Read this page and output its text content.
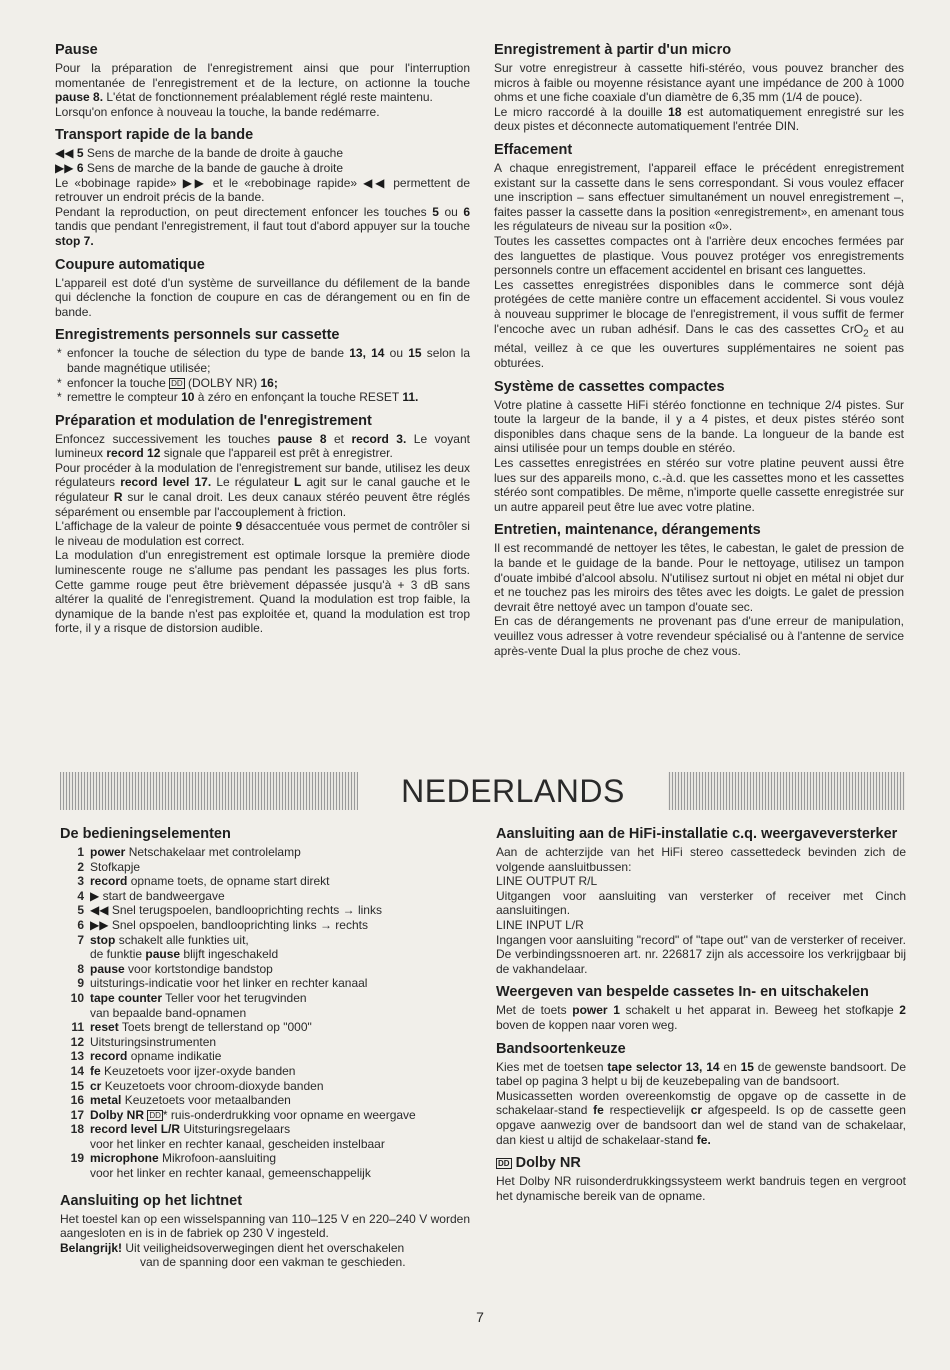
Pause

Pour la préparation de l'enregistrement ainsi que pour l'interruption momentanée de l'enregistrement et de la lecture, on actionne la touche pause 8. L'état de fonctionnement préalablement réglé reste maintenu.

Lorsqu'on enfonce à nouveau la touche, la bande redémarre.

Transport rapide de la bande

◀◀ 5 Sens de marche de la bande de droite à gauche

▶▶ 6 Sens de marche de la bande de gauche à droite

Le «bobinage rapide» ▶▶ et le «rebobinage rapide» ◀◀ permettent de retrouver un endroit précis de la bande.

Pendant la reproduction, on peut directement enfoncer les touches 5 ou 6 tandis que pendant l'enregistrement, il faut tout d'abord appuyer sur la touche stop 7.

Coupure automatique

L'appareil est doté d'un système de surveillance du défilement de la bande qui déclenche la fonction de coupure en cas de dérangement ou en fin de bande.

Enregistrements personnels sur cassette

* enfoncer la touche de sélection du type de bande 13, 14 ou 15 selon la bande magnétique utilisée;

* enfoncer la touche DD (DOLBY NR) 16;

* remettre le compteur 10 à zéro en enfonçant la touche RESET 11.

Préparation et modulation de l'enregistrement

Enfoncez successivement les touches pause 8 et record 3. Le voyant lumineux record 12 signale que l'appareil est prêt à enregistrer.

Pour procéder à la modulation de l'enregistrement sur bande, utilisez les deux régulateurs record level 17. Le régulateur L agit sur le canal gauche et le régulateur R sur le canal droit. Les deux canaux stéréo peuvent être réglés séparément ou ensemble par l'accouplement à friction.

L'affichage de la valeur de pointe 9 désaccentuée vous permet de contrôler si le niveau de modulation est correct.

La modulation d'un enregistrement est optimale lorsque la première diode luminescente rouge ne s'allume pas pendant les passages les plus forts. Cette gamme rouge peut être brièvement dépassée jusqu'à + 3 dB sans altérer la qualité de l'enregistrement. Quand la modulation est trop faible, la dynamique de la bande n'est pas exploitée et, quand la modulation est trop forte, il y a risque de distorsion audible.

Enregistrement à partir d'un micro

Sur votre enregistreur à cassette hifi-stéréo, vous pouvez brancher des micros à faible ou moyenne résistance ayant une impédance de 200 à 1000 ohms et une fiche coaxiale d'un diamètre de 6,35 mm (1/4 de pouce).

Le micro raccordé à la douille 18 est automatiquement enregistré sur les deux pistes et déconnecte automatiquement l'entrée DIN.

Effacement

A chaque enregistrement, l'appareil efface le précédent enregistrement existant sur la cassette dans le sens correspondant. Si vous voulez effacer une inscription – sans effectuer simultanément un nouvel enregistrement –, faites passer la cassette dans la position «enregistrement», en amenant tous les régulateurs de niveau sur la position «0».

Toutes les cassettes compactes ont à l'arrière deux encoches fermées par des languettes de plastique. Vous pouvez protéger vos enregistrements personnels contre un effacement accidentel en brisant ces languettes.

Les cassettes enregistrées disponibles dans le commerce sont déjà protégées de cette manière contre un effacement accidentel. Si vous voulez à nouveau supprimer le blocage de l'enregistrement, il vous suffit de fermer l'encoche avec un ruban adhésif. Dans le cas des cassettes CrO$_2$ et au métal, veillez à ce que les ouvertures supplémentaires ne soient pas obturées.

Système de cassettes compactes

Votre platine à cassette HiFi stéréo fonctionne en technique 2/4 pistes. Sur toute la largeur de la bande, il y a 4 pistes, et deux pistes stéréo sont disponibles dans chaque sens de la bande. La longueur de la bande est ainsi utilisée pour un temps double en stéréo.

Les cassettes enregistrées en stéréo sur votre platine peuvent aussi être lues sur des appareils mono, c.-à.d. que les cassettes mono et les cassettes stéréo sont compatibles. De même, n'importe quelle cassette enregistrée sur un autre appareil peut être lue avec votre platine.

Entretien, maintenance, dérangements

Il est recommandé de nettoyer les têtes, le cabestan, le galet de pression de la bande et le guidage de la bande. Pour le nettoyage, utilisez un tampon d'ouate imbibé d'alcool absolu. N'utilisez surtout ni objet en métal ni objet dur et ne touchez pas les miroirs des têtes avec les doigts. Le galet de pression devrait être nettoyé avec un tampon d'ouate sec.

En cas de dérangements ne provenant pas d'une erreur de manipulation, veuillez vous adresser à votre revendeur spécialisé ou à l'antenne de service après-vente Dual la plus proche de chez vous.

NEDERLANDS
De bedieningselementen
1 power Netschakelaar met controlelamp
2 Stofkapje
3 record opname toets, de opname start direkt
4 ▶ start de bandweergave
5 ◀◀ Snel terugspoelen, bandlooprichting rechts → links
6 ▶▶ Snel opspoelen, bandlooprichting links → rechts
7 stop schakelt alle funkties uit,
de funktie pause blijft ingeschakeld
8 pause voor kortstondige bandstop
9 uitsturings-indicatie voor het linker en rechter kanaal
10 tape counter Teller voor het terugvinden
van bepaalde band-opnamen
11 reset Toets brengt de tellerstand op "000"
12 Uitsturingsinstrumenten
13 record opname indikatie
14 fe Keuzetoets voor ijzer-oxyde banden
15 cr Keuzetoets voor chroom-dioxyde banden
16 metal Keuzetoets voor metaalbanden
17 Dolby NR DD * ruis-onderdrukking voor opname en weergave
18 record level L/R Uitsturingsregelaars
voor het linker en rechter kanaal, gescheiden instelbaar
19 microphone Mikrofoon-aansluiting
voor het linker en rechter kanaal, gemeenschappelijk
Aansluiting op het lichtnet

Het toestel kan op een wisselspanning van 110–125 V en 220–240 V worden aangesloten en is in de fabriek op 230 V ingesteld.

Belangrijk! Uit veiligheidsoverwegingen dient het overschakelen

van de spanning door een vakman te geschieden.

Aansluiting aan de HiFi-installatie c.q. weergaveversterker

Aan de achterzijde van het HiFi stereo cassettedeck bevinden zich de volgende aansluitbussen:

LINE OUTPUT R/L

Uitgangen voor aansluiting van versterker of receiver met Cinch aansluitingen.

LINE INPUT L/R

Ingangen voor aansluiting "record" of "tape out" van de versterker of receiver.

De verbindingssnoeren art. nr. 226817 zijn als accessoire los verkrijgbaar bij de vakhandelaar.

Weergeven van bespelde cassetes In- en uitschakelen

Met de toets power 1 schakelt u het apparat in. Beweeg het stofkapje 2 boven de koppen naar voren weg.

Bandsoortenkeuze

Kies met de toetsen tape selector 13, 14 en 15 de gewenste bandsoort. De tabel op pagina 3 helpt u bij de keuzebepaling van de bandsoort.

Musicassetten worden overeenkomstig de opgave op de cassette in de schakelaar-stand fe respectievelijk cr afgespeeld. Is op de cassette geen opgave aanwezig over de bandsoort dan wel de stand van de schakelaar, dan kiest u altijd de schakelaar-stand fe.

DD Dolby NR

Het Dolby NR ruisonderdrukkingssysteem werkt bandruis tegen en vergroot het dynamische bereik van de opname.

7
